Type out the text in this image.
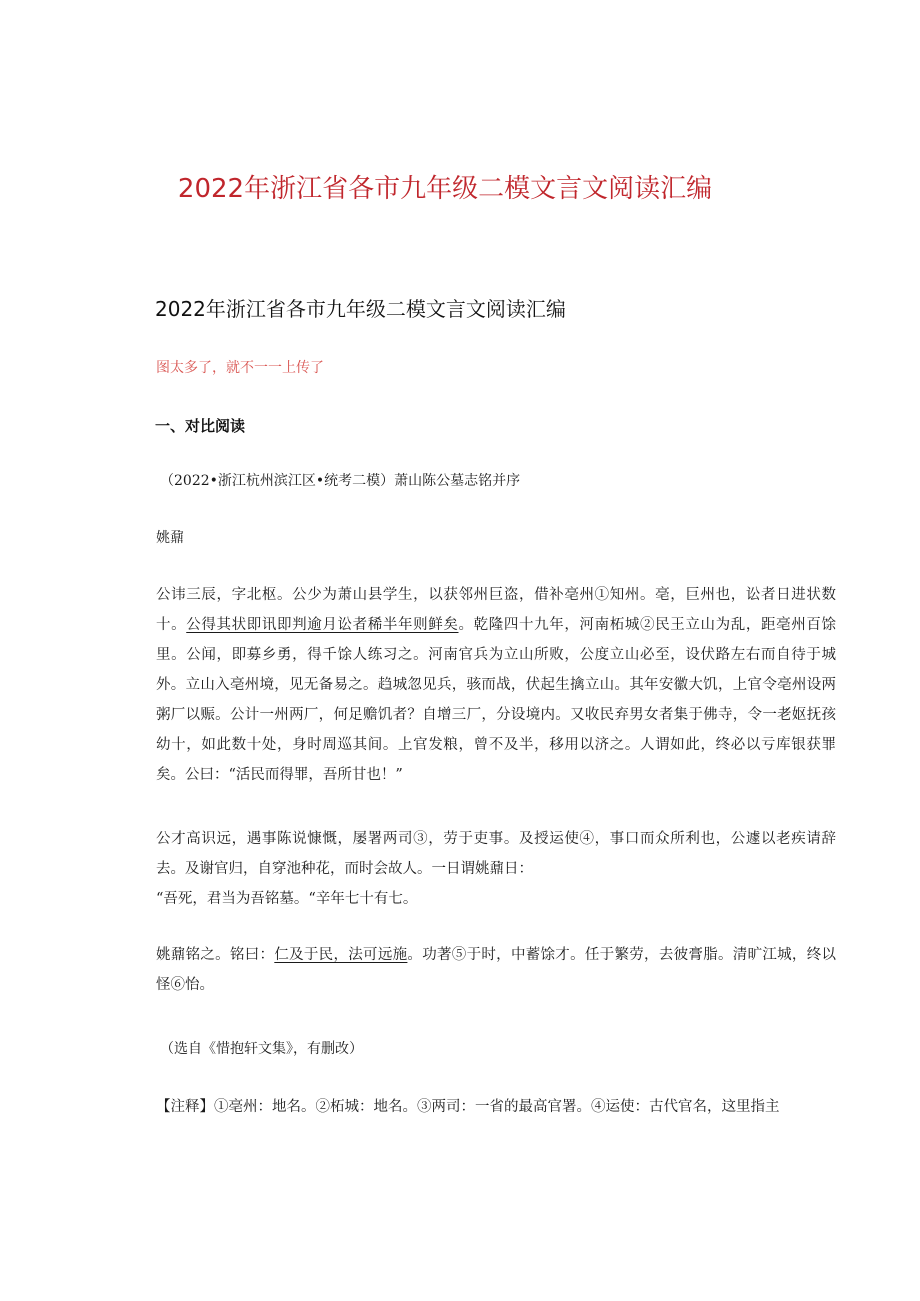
2022年浙江省各市九年级二模文言文阅读汇编
2022年浙江省各市九年级二模文言文阅读汇编
图太多了，就不一一上传了
一、对比阅读
（2022•浙江杭州滨江区•统考二模）萧山陈公墓志铭并序
姚鼐

公讳三辰，字北枢。公少为萧山县学生，以获邻州巨盗，借补亳州①知州。亳，巨州也，讼者日进状数十。公得其状即讯即判逾月讼者稀半年则鲜矣。乾隆四十九年，河南柘城②民王立山为乱，距亳州百馀里。公闻，即募乡勇，得千馀人练习之。河南官兵为立山所败，公度立山必至，设伏路左右而自待于城外。立山入亳州境，见无备易之。趋城忽见兵，骇而战，伏起生擒立山。其年安徽大饥，上官令亳州设两粥厂以赈。公计一州两厂，何足赡饥者？自增三厂，分设境内。又收民弃男女者集于佛寺，令一老妪抚孩幼十，如此数十处，身时周巡其间。上官发粮，曾不及半，移用以济之。人谓如此，终必以亏库银获罪矣。公曰：“活民而得罪，吾所甘也！”

公才高识远，遇事陈说慷慨，屡署两司③，劳于吏事。及授运使④，事口而众所利也，公遽以老疾请辞去。及谢官归，自穿池种花，而时会故人。一日谓姚鼐日：

“吾死，君当为吾铭墓。“辛年七十有七。

姚鼐铭之。铭曰：仁及于民，法可远施。功著⑤于时，中蓄馀才。任于繁劳，去彼膏脂。清旷江城，终以怪⑥怡。

（选自《惜抱轩文集》，有删改）
【注释】①亳州：地名。②柘城：地名。③两司：一省的最高官署。④运使：古代官名，这里指主
